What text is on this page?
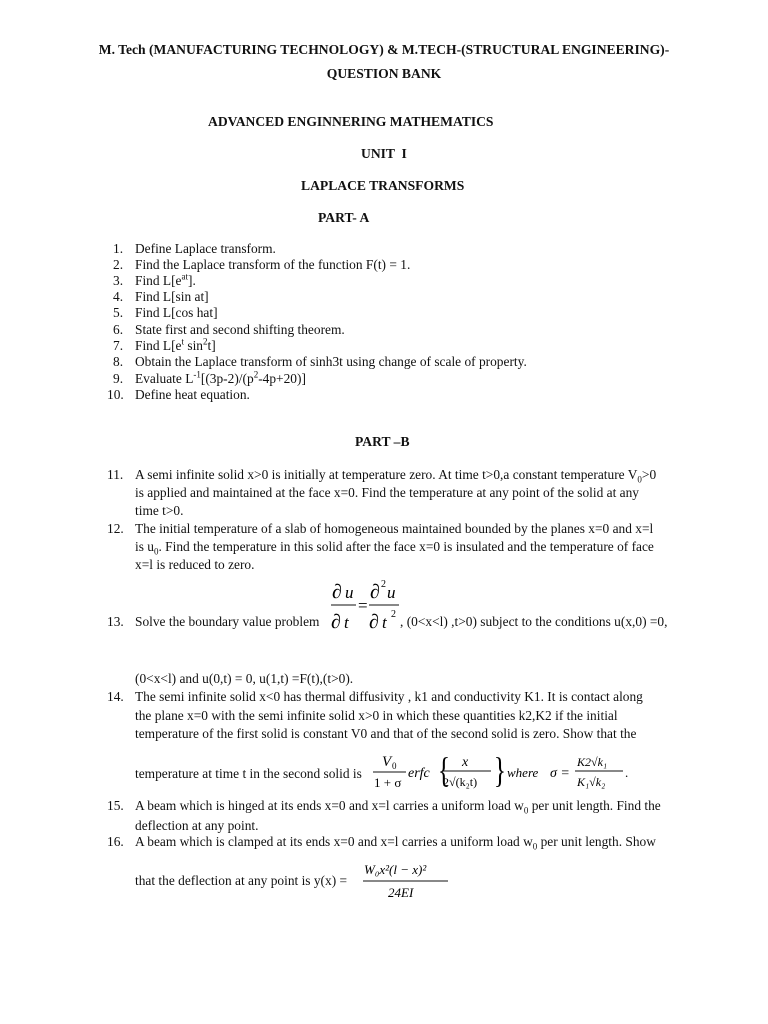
M. Tech (MANUFACTURING TECHNOLOGY) & M.TECH-(STRUCTURAL ENGINEERING)-
QUESTION BANK
ADVANCED ENGINNERING MATHEMATICS
UNIT  I
LAPLACE TRANSFORMS
PART- A
1. Define Laplace transform.
2. Find the Laplace transform of the function F(t) = 1.
3. Find $L[e^{at}]$.
4. Find L[sin at]
5. Find L[cos hat]
6. State first and second shifting theorem.
7. Find $L[e^t$ $\sin^2t$]
8. Obtain the Laplace transform of sinh3t using change of scale of property.
9. Evaluate $L^{-1}[(3p-2)/(p^2-4p+20)]$
10. Define heat equation.
PART –B
11. A semi infinite solid x>0 is initially at temperature zero. At time t>0,a constant temperature $V_0>0$
is applied and maintained at the face x=0. Find the temperature at any point of the solid at any
time t>0.
12. The initial temperature of a slab of homogeneous maintained bounded by the planes x=0 and x=l
is $u_0$. Find the temperature in this solid after the face x=0 is insulated and the temperature of face
x=l is reduced to zero.
13. Solve the boundary value problem
∂ u
∂ t
=
∂ 2 u
∂ t 2 , (0<x<l) ,t>0) subject to the conditions u(x,0) =0,
(0<x<l) and u(0,t) = 0, u(1,t) =F(t),(t>0).
14. The semi infinite solid x<0 has thermal diffusivity , k1 and conductivity K1. It is contact along
the plane x=0 with the semi infinite solid x>0 in which these quantities k2,K2 if the initial
temperature of the first solid is constant V0 and that of the second solid is zero. Show that the
temperature at time t in the second solid is
V 0
1 + σ
erfc { x
2√(k₂t) } where σ =
K2√k₁
K₁√k₂
.
15. A beam which is hinged at its ends x=0 and x=l carries a uniform load $w_0$ per unit length. Find the
deflection at any point.
16. A beam which is clamped at its ends x=0 and x=l carries a uniform load $w_0$ per unit length. Show
that the deflection at any point is y(x) =
W₀x²(l − x)²
24EI
